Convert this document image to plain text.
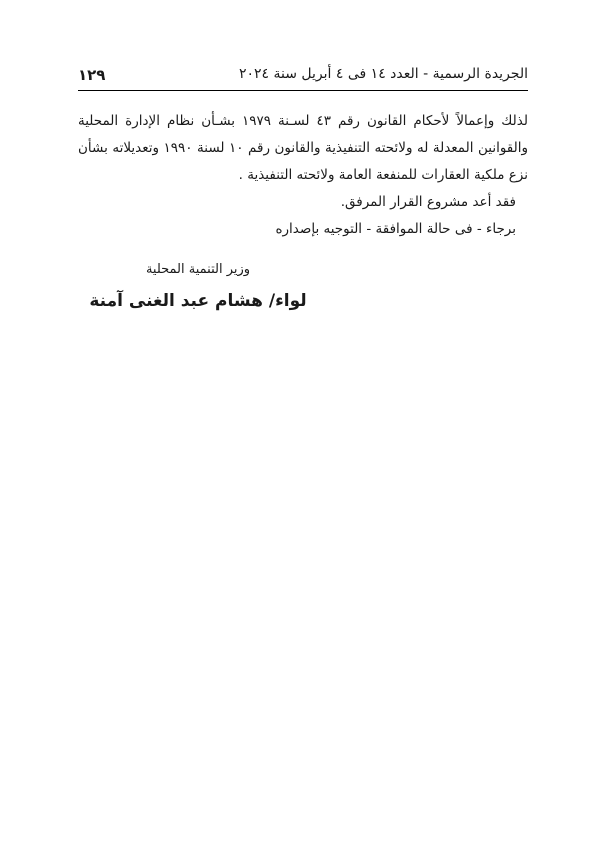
الجريدة الرسمية - العدد ١٤ فى ٤ أبريل سنة ٢٠٢٤
١٢٩

لذلك وإعمالاً لأحكام القانون رقم ٤٣ لسـنة ١٩٧٩ بشـأن نظام الإدارة المحلية

والقوانين المعدلة له ولائحته التنفيذية والقانون رقم ١٠ لسنة ١٩٩٠ وتعديلاته بشأن

نزع ملكية العقارات للمنفعة العامة ولائحته التنفيذية .

فقد أعد مشروع القرار المرفق.

برجاء - فى حالة الموافقة - التوجيه بإصداره

وزير التنمية المحلية

لواء/ هشام عبد الغنى آمنة
